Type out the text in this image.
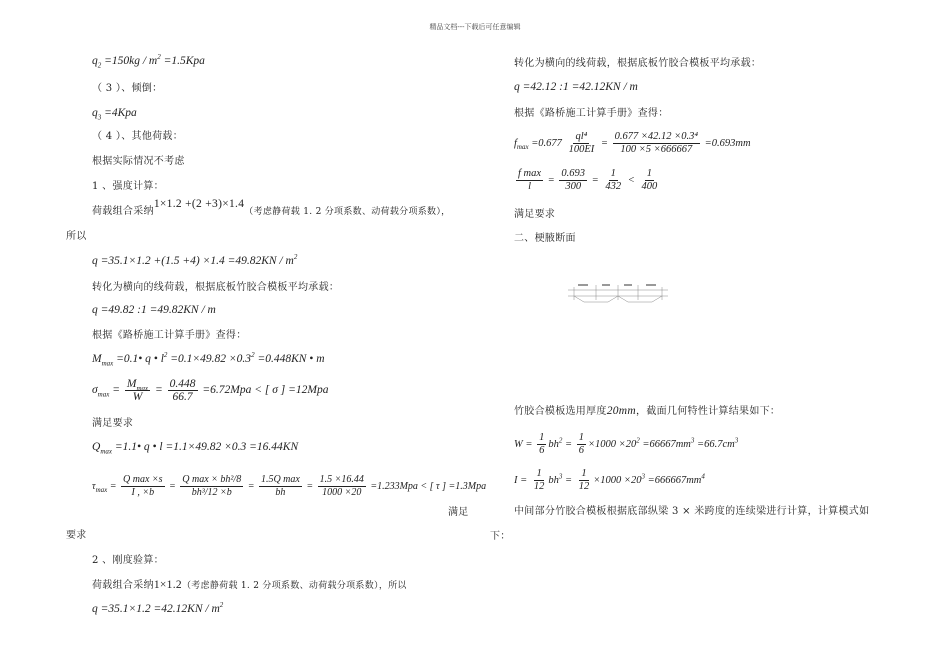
精品文档---下载后可任意编辑
$q_2 =150kg / m^2 =1.5Kpa$
（ 3 ）、倾倒：
$q_3 =4Kpa$
（ 4 ）、其他荷载：
根据实际情况不考虑
1 、强度计算：
荷载组合采纳1×1.2 +(2 +3)×1.4（考虑静荷载 1. 2 分项系数、动荷载分项系数），
所以
$q =35.1\times 1.2 +(1.5 +4) \times 1.4 =49.82KN / m^2$
转化为横向的线荷载，根据底板竹胶合模板平均承载：
q =49.82 :1 =49.82KN / m
根据《路桥施工计算手册》查得：
$M_{max}$ =0.1• q • $l^2 =0.1\times 49.82 \times 0.3^2 =0.448KN$ • m
$\sigma_{max} = \frac{M_{max}}{W} = \frac{0.448}{66.7} =6.72Mpa$ < [ σ ] =12Mpa
满足要求
$Q_{max}$ =1.1• q • l =1.1×49.82 ×0.3 =16.44KN
$\tau_{max} = \frac{\text{Q max ×s}}{I , \times b} = \frac{\text{Q max × bh²/8}}{\text{bh³/12 ×b}} = \frac{\text{1.5Q max}}{bh} = \frac{1.5 \times 16.44}{1000 \times 20} =1.233Mpa$ < [ τ ] =1.3Mpa
满足
要求
2 、刚度验算：
荷载组合采纳1×1.2（考虑静荷载 1. 2 分项系数、动荷载分项系数），所以
$q =35.1\times 1.2 =42.12KN / m^2$
转化为横向的线荷载，根据底板竹胶合模板平均承载：
q =42.12 :1 =42.12KN / m
根据《路桥施工计算手册》查得：
$f_{max} =0.677 \frac{\text{ql⁴}}{100EI} = \frac{\text{0.677 ×42.12 ×0.3⁴}}{100 \times 5 \times 666667} =0.693mm$
$\frac{\text{f max}}{l} = \frac{0.693}{300} = \frac{1}{432} < \frac{1}{400}$
满足要求
二、梗腋断面
竹胶合模板选用厚度20mm，截面几何特性计算结果如下：
$W = \frac{1}{6} bh^2 = \frac{1}{6} \times 1000 \times 20^2 =66667mm^3 =66.7cm^3$
$I = \frac{1}{12} bh^3 = \frac{1}{12} \times 1000 \times 20^3 =666667mm^4$
中间部分竹胶合模板根据底部纵梁 3 × 米跨度的连续梁进行计算，计算模式如
下：
